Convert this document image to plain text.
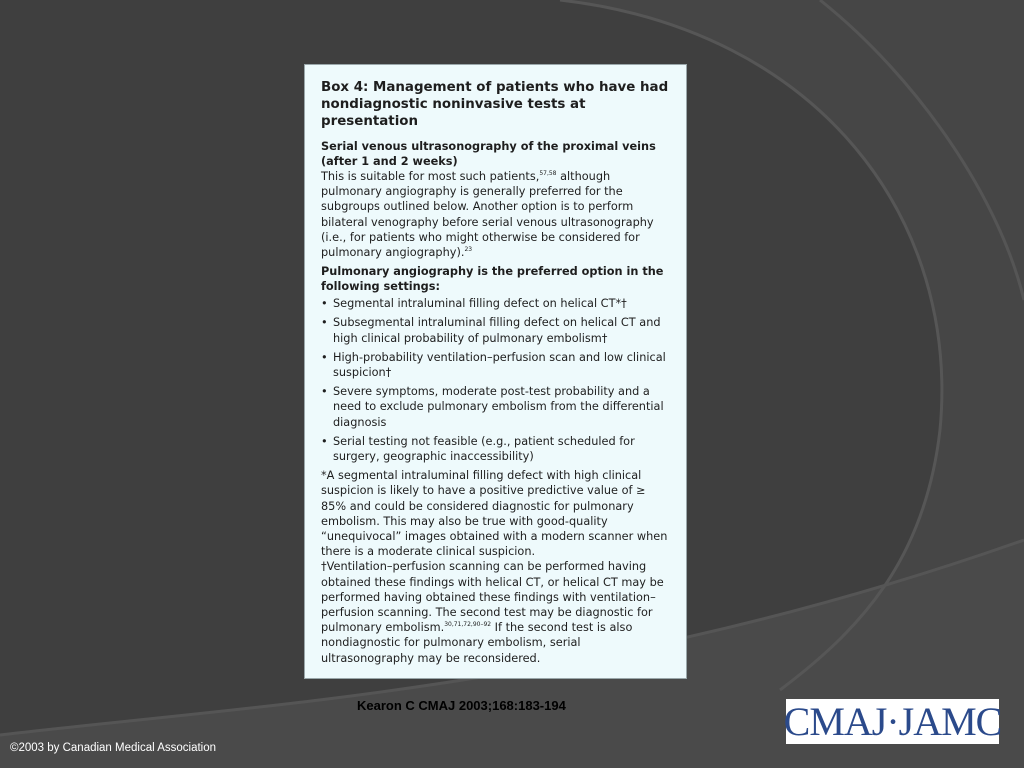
Box 4: Management of patients who have had nondiagnostic noninvasive tests at presentation

Serial venous ultrasonography of the proximal veins (after 1 and 2 weeks)

This is suitable for most such patients,$^{57,58}$ although pulmonary angiography is generally preferred for the subgroups outlined below. Another option is to perform bilateral venography before serial venous ultrasonography (i.e., for patients who might otherwise be considered for pulmonary angiography).$^{23}$

Pulmonary angiography is the preferred option in the following settings:

• Segmental intraluminal filling defect on helical CT*†
• Subsegmental intraluminal filling defect on helical CT and high clinical probability of pulmonary embolism†
• High-probability ventilation–perfusion scan and low clinical suspicion†
• Severe symptoms, moderate post-test probability and a need to exclude pulmonary embolism from the differential diagnosis
• Serial testing not feasible (e.g., patient scheduled for surgery, geographic inaccessibility)

*A segmental intraluminal filling defect with high clinical suspicion is likely to have a positive predictive value of ≥ 85% and could be considered diagnostic for pulmonary embolism. This may also be true with good-quality “unequivocal” images obtained with a modern scanner when there is a moderate clinical suspicion.

†Ventilation–perfusion scanning can be performed having obtained these findings with helical CT, or helical CT may be performed having obtained these findings with ventilation–perfusion scanning. The second test may be diagnostic for pulmonary embolism.$^{30,71,72,90-92}$ If the second test is also nondiagnostic for pulmonary embolism, serial ultrasonography may be reconsidered.

Kearon C CMAJ 2003;168:183-194	CMAJ·JAMC
©2003 by Canadian Medical Association
